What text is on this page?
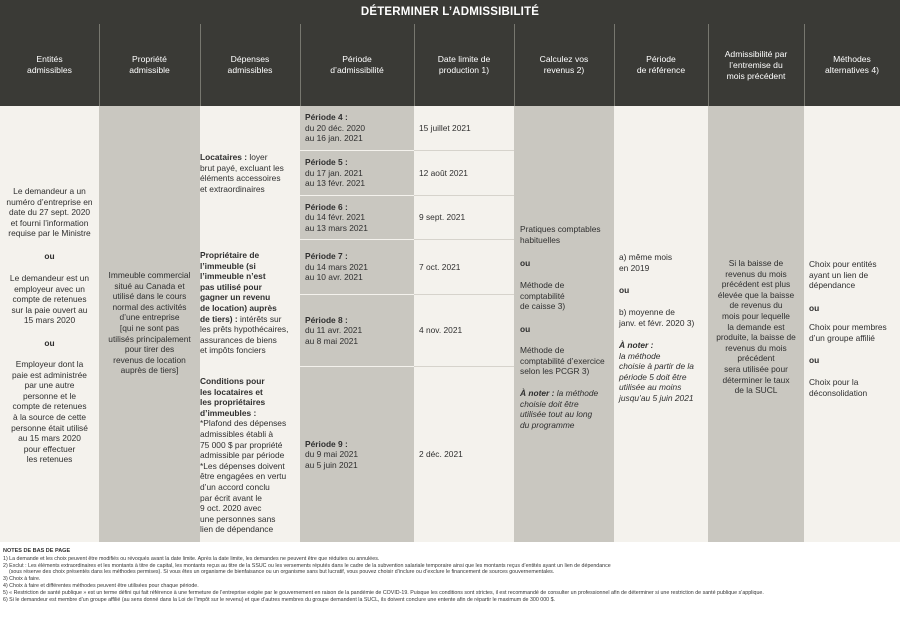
DÉTERMINER L’ADMISSIBILITÉ
Entités
admissibles
Propriété
admissible
Dépenses
admissibles
Période
d’admissibilité
Date limite de
production 1)
Calculez vos
revenus 2)
Période
de référence
Admissibilité par
l’entremise du
mois précédent
Méthodes
alternatives 4)
Le demandeur a un
numéro d’entreprise en
date du 27 sept. 2020
et fourni l’information
requise par le Ministre
ou
Le demandeur est un
employeur avec un
compte de retenues
sur la paie ouvert au
15 mars 2020
ou
Employeur dont la
paie est administrée
par une autre
personne et le
compte de retenues
à la source de cette
personne était utilisé
au 15 mars 2020
pour effectuer
les retenues
Immeuble commercial
situé au Canada et
utilisé dans le cours
normal des activités
d’une entreprise
[qui ne sont pas
utilisés principalement
pour tirer des
revenus de location
auprès de tiers]
Locataires : loyer
brut payé, excluant les
éléments accessoires
et extraordinaires
Propriétaire de
l’immeuble (si
l’immeuble n’est
pas utilisé pour
gagner un revenu
de location) auprès
de tiers) : intérêts sur
les prêts hypothécaires,
assurances de biens
et impôts fonciers
Conditions pour
les locataires et
les propriétaires
d’immeubles :
*Plafond des dépenses
admissibles établi à
75 000 $ par propriété
admissible par période
*Les dépenses doivent
être engagées en vertu
d’un accord conclu
par écrit avant le
9 oct. 2020 avec
une personnes sans
lien de dépendance
Période 4 :
du 20 déc. 2020
au 16 jan. 2021
15 juillet 2021
Période 5 :
du 17 jan. 2021
au 13 févr. 2021
12 août 2021
Période 6 :
du 14 févr. 2021
au 13 mars 2021
9 sept. 2021
Période 7 :
du 14 mars 2021
au 10 avr. 2021
7 oct. 2021
Période 8 :
du 11 avr. 2021
au 8 mai 2021
4 nov. 2021
Période 9 :
du 9 mai 2021
au 5 juin 2021
2 déc. 2021
Pratiques comptables
habituelles
ou
Méthode de
comptabilité
de caisse 3)
ou
Méthode de
comptabilité d’exercice
selon les PCGR 3)
À noter : la méthode
choisie doit être
utilisée tout au long
du programme
a) même mois
en 2019
ou
b) moyenne de
janv. et févr. 2020 3)
À noter :
la méthode
choisie à partir de la
période 5 doit être
utilisée au moins
jusqu’au 5 juin 2021
Si la baisse de
revenus du mois
précédent est plus
élevée que la baisse
de revenus du
mois pour lequelle
la demande est
produite, la baisse de
revenus du mois
précédent
sera utilisée pour
déterminer le taux
de la SUCL
Choix pour entités
ayant un lien de
dépendance
ou
Choix pour membres
d’un groupe affilié
ou
Choix pour la
déconsolidation
NOTES DE BAS DE PAGE
1) La demande et les choix peuvent être modifiés ou révoqués avant la date limite. Après la date limite, les demandes ne peuvent être que réduites ou annulées.
2) Exclut : Les éléments extraordinaires et les montants à titre de capital, les montants reçus au titre de la SSUC ou les versements réputés dans le cadre de la subvention salariale temporaire ainsi que les montants reçus d’entités ayant un lien de dépendance
(sous réserve des choix présentés dans les méthodes permises). Si vous êtes un organisme de bienfaisance ou un organisme sans but lucratif, vous pouvez choisir d’inclure ou d’exclure le financement de sources gouvernementales.
3) Choix à faire.
4) Choix à faire et différentes méthodes peuvent être utilisées pour chaque période.
5) « Restriction de santé publique » est un terme défini qui fait référence à une fermeture de l’entreprise exigée par le gouvernement en raison de la pandémie de COVID-19. Puisque les conditions sont strictes, il est recommandé de consulter un professionnel afin de déterminer si une restriction de santé publique s’applique.
6) Si le demandeur est membre d’un groupe affilié (au sens donné dans la Loi de l’impôt sur le revenu) et que d’autres membres du groupe demandent la SUCL, ils doivent conclure une entente afin de répartir le maximum de 300 000 $.
